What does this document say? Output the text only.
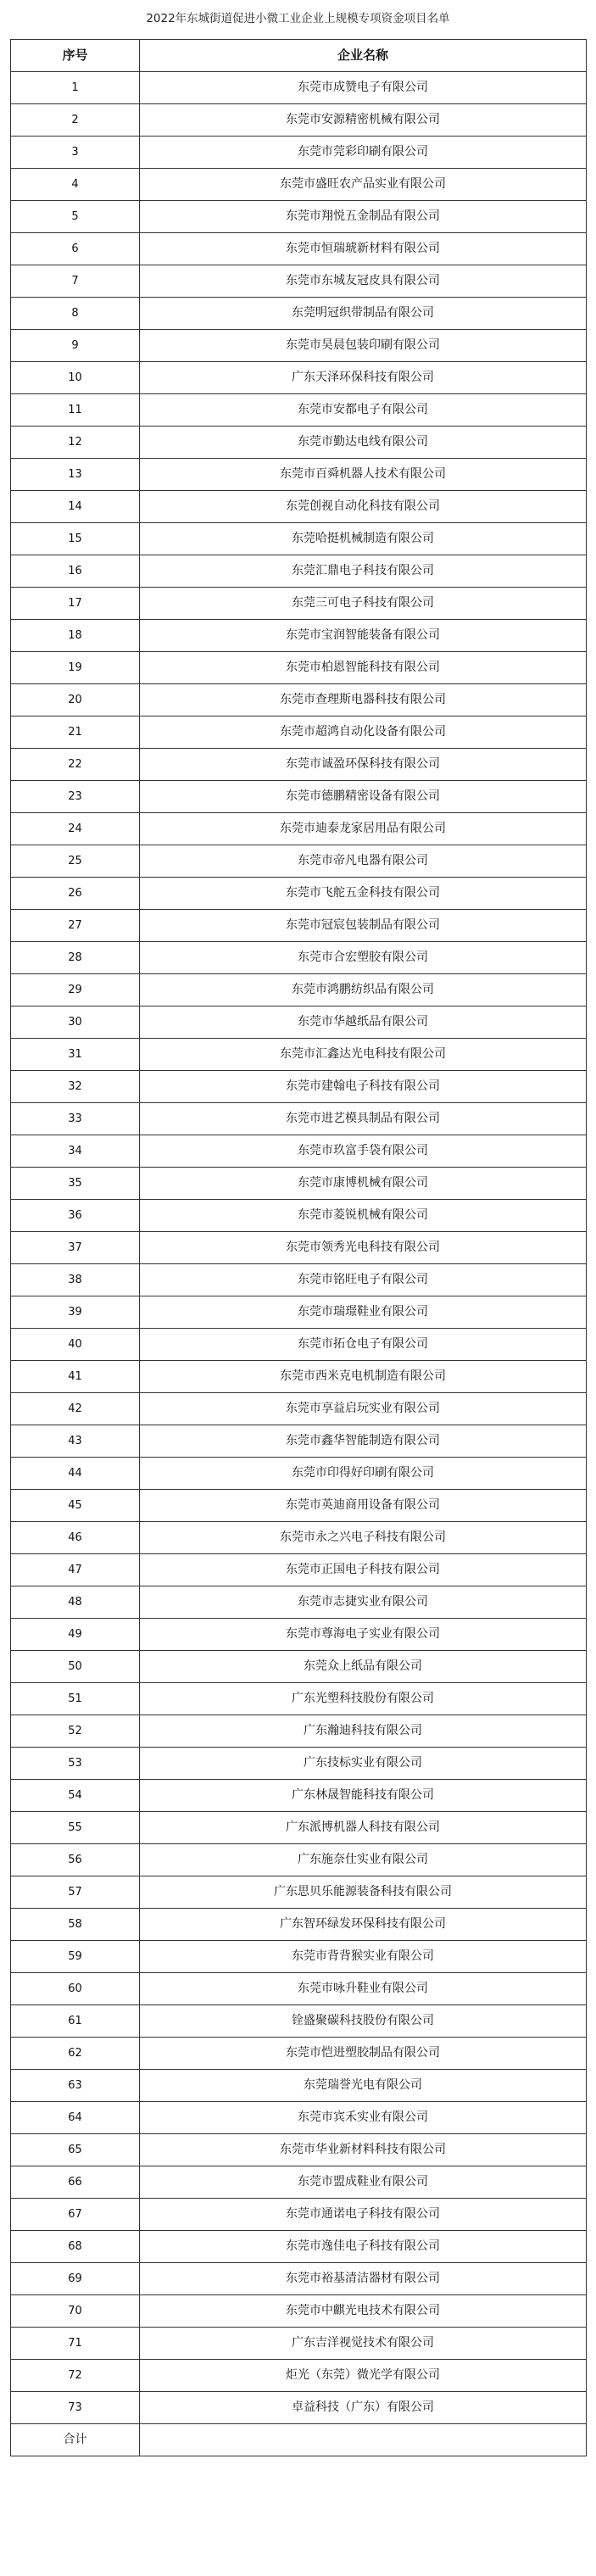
2022年东城街道促进小微工业企业上规模专项资金项目名单
序号	企业名称
1	东莞市成赞电子有限公司
2	东莞市安源精密机械有限公司
3	东莞市莞彩印刷有限公司
4	东莞市盛旺农产品实业有限公司
5	东莞市翔悦五金制品有限公司
6	东莞市恒瑞琥新材料有限公司
7	东莞市东城友冠皮具有限公司
8	东莞明冠织带制品有限公司
9	东莞市昊晨包装印刷有限公司
10	广东天泽环保科技有限公司
11	东莞市安都电子有限公司
12	东莞市勤达电线有限公司
13	东莞市百舜机器人技术有限公司
14	东莞创视自动化科技有限公司
15	东莞哈挺机械制造有限公司
16	东莞汇鼎电子科技有限公司
17	东莞三可电子科技有限公司
18	东莞市宝润智能装备有限公司
19	东莞市柏恩智能科技有限公司
20	东莞市查理斯电器科技有限公司
21	东莞市超鸿自动化设备有限公司
22	东莞市诚盈环保科技有限公司
23	东莞市德鹏精密设备有限公司
24	东莞市迪泰龙家居用品有限公司
25	东莞市帝凡电器有限公司
26	东莞市飞舵五金科技有限公司
27	东莞市冠宸包装制品有限公司
28	东莞市合宏塑胶有限公司
29	东莞市鸿鹏纺织品有限公司
30	东莞市华越纸品有限公司
31	东莞市汇鑫达光电科技有限公司
32	东莞市建翰电子科技有限公司
33	东莞市进艺模具制品有限公司
34	东莞市玖富手袋有限公司
35	东莞市康博机械有限公司
36	东莞市菱锐机械有限公司
37	东莞市领秀光电科技有限公司
38	东莞市铭旺电子有限公司
39	东莞市瑞璟鞋业有限公司
40	东莞市拓仓电子有限公司
41	东莞市西米克电机制造有限公司
42	东莞市享益启玩实业有限公司
43	东莞市鑫华智能制造有限公司
44	东莞市印得好印刷有限公司
45	东莞市英迪商用设备有限公司
46	东莞市永之兴电子科技有限公司
47	东莞市正国电子科技有限公司
48	东莞市志捷实业有限公司
49	东莞市尊海电子实业有限公司
50	东莞众上纸品有限公司
51	广东光塑科技股份有限公司
52	广东瀚迪科技有限公司
53	广东技标实业有限公司
54	广东林晟智能科技有限公司
55	广东派博机器人科技有限公司
56	广东施奈仕实业有限公司
57	广东思贝乐能源装备科技有限公司
58	广东智环绿发环保科技有限公司
59	东莞市背背猴实业有限公司
60	东莞市咏升鞋业有限公司
61	铨盛聚碳科技股份有限公司
62	东莞市恺进塑胶制品有限公司
63	东莞瑞誉光电有限公司
64	东莞市宾禾实业有限公司
65	东莞市华业新材料科技有限公司
66	东莞市盟成鞋业有限公司
67	东莞市通诺电子科技有限公司
68	东莞市逸佳电子科技有限公司
69	东莞市裕基清洁器材有限公司
70	东莞市中麒光电技术有限公司
71	广东吉洋视觉技术有限公司
72	炬光（东莞）微光学有限公司
73	卓益科技（广东）有限公司
合计	
